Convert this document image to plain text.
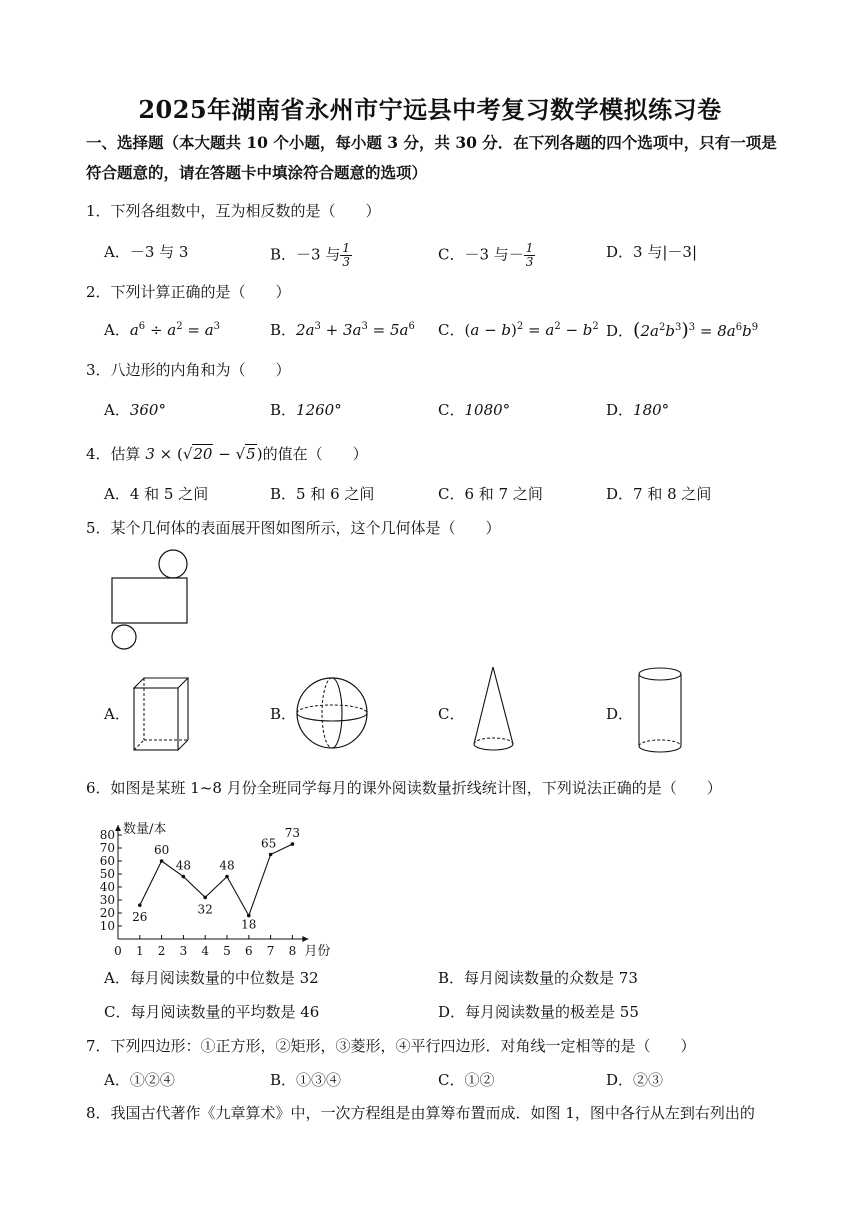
2025年湖南省永州市宁远县中考复习数学模拟练习卷
一、选择题（本大题共 10 个小题，每小题 3 分，共 30 分．在下列各题的四个选项中，只有一项是符合题意的，请在答题卡中填涂符合题意的选项）
1．下列各组数中，互为相反数的是（　　）
A．－3 与 3	B．－3 与 $\frac{1}{3}$	C．－3 与－ $\frac{1}{3}$	D．3 与|－3|
2．下列计算正确的是（　　）
A．$a^6 \div a^2 = a^3$	B．$2a^3 + 3a^3 = 5a^6$ C．$(a - b)^2 = a^2 - b^2$ D．$(2a^2b^3)^3 = 8a^6b^9$
3．八边形的内角和为（　　）
A．360°	B．1260°	C．1080°	D．180°
4．估算 3 × (√20 − √5)的值在（　　）
A．4 和 5 之间	B．5 和 6 之间	C．6 和 7 之间	D．7 和 8 之间
5．某个几何体的表面展开图如图所示，这个几何体是（　　）
A．	B．	C．	D．
6．如图是某班 1~8 月份全班同学每月的课外阅读数量折线统计图，下列说法正确的是（　　）
10
20
30
40
50
60
70
80
0 1 2 3 4 5 6 7 8
26
60
48
32
48
18
65
73
数量/本
月份
A．每月阅读数量的中位数是 32	B．每月阅读数量的众数是 73
C．每月阅读数量的平均数是 46	D．每月阅读数量的极差是 55
7．下列四边形：①正方形，②矩形，③菱形，④平行四边形．对角线一定相等的是（　　）
A．①②④	B．①③④	C．①②	D．②③
8．我国古代著作《九章算术》中，一次方程组是由算筹布置而成．如图 1，图中各行从左到右列出的
